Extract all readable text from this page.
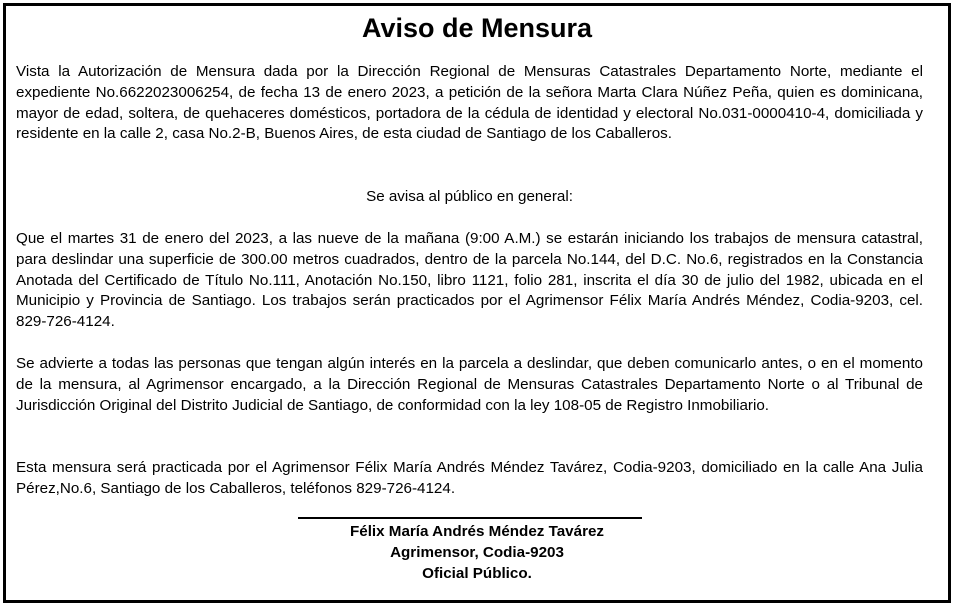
Aviso de Mensura

Vista la Autorización de Mensura dada por la Dirección Regional de Mensuras Catastrales Departamento Norte, mediante el expediente No.6622023006254, de fecha 13 de enero 2023, a petición de la señora Marta Clara Núñez Peña, quien es dominicana, mayor de edad, soltera, de quehaceres domésticos, portadora de la cédula de identidad y electoral No.031-0000410-4, domiciliada y residente en la calle 2, casa No.2-B, Buenos Aires, de esta ciudad de Santiago de los Caballeros.

Se avisa al público en general:

Que el martes 31 de enero del 2023, a las nueve de la mañana (9:00 A.M.) se estarán iniciando los trabajos de mensura catastral, para deslindar una superficie de 300.00 metros cuadrados, dentro de la parcela No.144, del D.C. No.6, registrados en la Constancia Anotada del Certificado de Título No.111, Anotación No.150, libro 1121, folio 281, inscrita el día 30 de julio del 1982, ubicada en el Municipio y Provincia de Santiago. Los trabajos serán practicados por el Agrimensor Félix María Andrés Méndez, Codia-9203, cel. 829-726-4124.

Se advierte a todas las personas que tengan algún interés en la parcela a deslindar, que deben comunicarlo antes, o en el momento de la mensura, al Agrimensor encargado, a la Dirección Regional de Mensuras Catastrales Departamento Norte o al Tribunal de Jurisdicción Original del Distrito Judicial de Santiago, de conformidad con la ley 108-05 de Registro Inmobiliario.

Esta mensura será practicada por el Agrimensor Félix María Andrés Méndez Tavárez, Codia-9203, domiciliado en la calle Ana Julia Pérez,No.6, Santiago de los Caballeros, teléfonos 829-726-4124.

Félix María Andrés Méndez Tavárez
Agrimensor, Codia-9203
Oficial Público.
